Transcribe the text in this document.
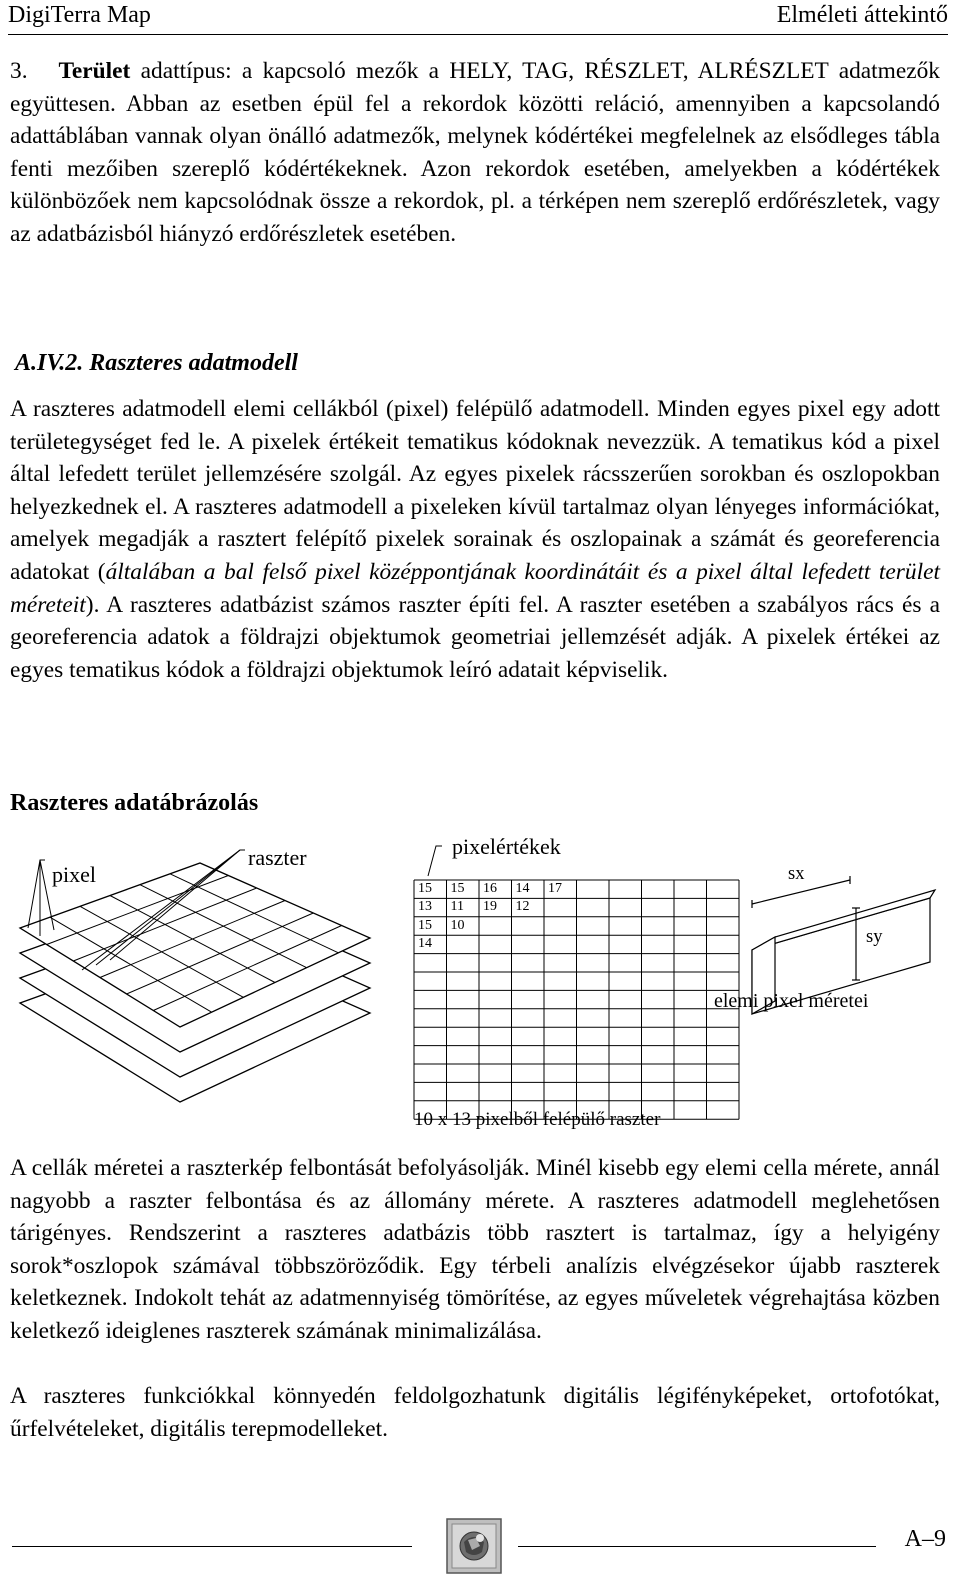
DigiTerra Map	Elméleti áttekintő
3. Terület adattípus: a kapcsoló mezők a HELY, TAG, RÉSZLET, ALRÉSZLET adatmezők együttesen. Abban az esetben épül fel a rekordok közötti reláció, amennyiben a kapcsolandó adattáblában vannak olyan önálló adatmezők, melynek kódértékei megfelelnek az elsődleges tábla fenti mezőiben szereplő kódértékeknek. Azon rekordok esetében, amelyekben a kódértékek különbözőek nem kapcsolódnak össze a rekordok, pl. a térképen nem szereplő erdőrészletek, vagy az adatbázisból hiányzó erdőrészletek esetében.
A.IV.2. Raszteres adatmodell
A raszteres adatmodell elemi cellákból (pixel) felépülő adatmodell. Minden egyes pixel egy adott területegységet fed le. A pixelek értékeit tematikus kódoknak nevezzük. A tematikus kód a pixel által lefedett terület jellemzésére szolgál. Az egyes pixelek rácsszerűen sorokban és oszlopokban helyezkednek el. A raszteres adatmodell a pixeleken kívül tartalmaz olyan lényeges információkat, amelyek megadják a rasztert felépítő pixelek sorainak és oszlopainak a számát és georeferencia adatokat (általában a bal felső pixel középpontjának koordinátáit és a pixel által lefedett terület méreteit). A raszteres adatbázist számos raszter építi fel. A raszter esetében a szabályos rács és a georeferencia adatok a földrajzi objektumok geometriai jellemzését adják. A pixelek értékei az egyes tematikus kódok a földrajzi objektumok leíró adatait képviselik.
Raszteres adatábrázolás
pixel
raszter	pixelértékek
sx
sy
elemi pixel méretei
10 x 13 pixelből felépülő raszter
15 15 16 14 17
13 11 19 12
15 10
14
A cellák méretei a raszterkép felbontását befolyásolják. Minél kisebb egy elemi cella mérete, annál nagyobb a raszter felbontása és az állomány mérete. A raszteres adatmodell meglehetősen tárigényes. Rendszerint a raszteres adatbázis több rasztert is tartalmaz, így a helyigény sorok*oszlopok számával többszöröződik. Egy térbeli analízis elvégzésekor újabb raszterek keletkeznek. Indokolt tehát az adatmennyiség tömörítése, az egyes műveletek végrehajtása közben keletkező ideiglenes raszterek számának minimalizálása.
A raszteres funkciókkal könnyedén feldolgozhatunk digitális légifényképeket, ortofotókat, űrfelvételeket, digitális terepmodelleket.
A–9
